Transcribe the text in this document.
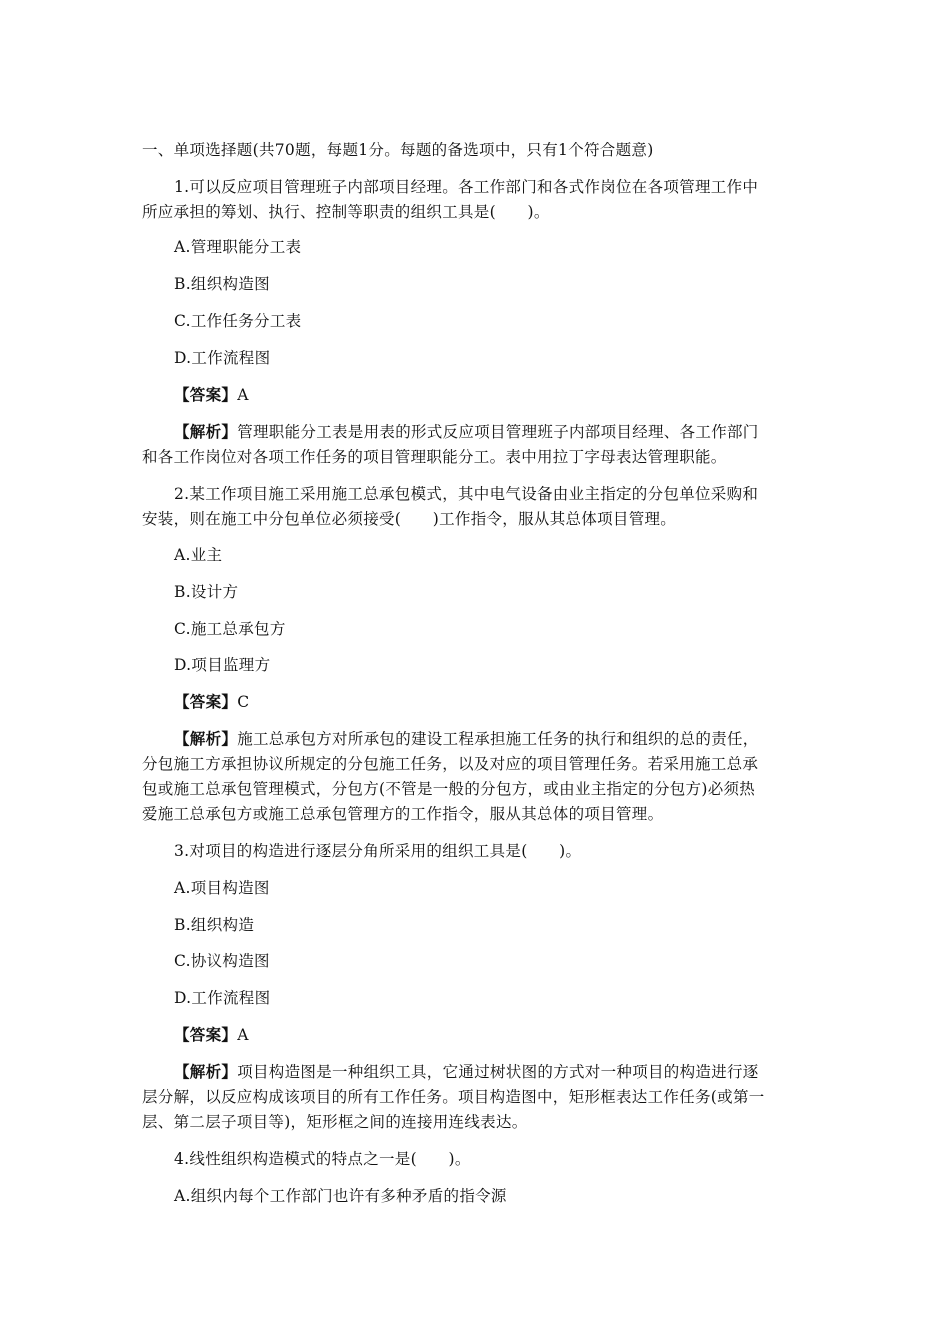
一、单项选择题(共70题，每题1分。每题的备选项中，只有1个符合题意)
1.可以反应项目管理班子内部项目经理。各工作部门和各式作岗位在各项管理工作中
所应承担的筹划、执行、控制等职责的组织工具是(　　)。
A.管理职能分工表
B.组织构造图
C.工作任务分工表
D.工作流程图
【答案】A
【解析】管理职能分工表是用表的形式反应项目管理班子内部项目经理、各工作部门
和各工作岗位对各项工作任务的项目管理职能分工。表中用拉丁字母表达管理职能。
2.某工作项目施工采用施工总承包模式，其中电气设备由业主指定的分包单位采购和
安装，则在施工中分包单位必须接受(　　)工作指令，服从其总体项目管理。
A.业主
B.设计方
C.施工总承包方
D.项目监理方
【答案】C
【解析】施工总承包方对所承包的建设工程承担施工任务的执行和组织的总的责任，
分包施工方承担协议所规定的分包施工任务，以及对应的项目管理任务。若采用施工总承
包或施工总承包管理模式，分包方(不管是一般的分包方，或由业主指定的分包方)必须热
爱施工总承包方或施工总承包管理方的工作指令，服从其总体的项目管理。
3.对项目的构造进行逐层分角所采用的组织工具是(　　)。
A.项目构造图
B.组织构造
C.协议构造图
D.工作流程图
【答案】A
【解析】项目构造图是一种组织工具，它通过树状图的方式对一种项目的构造进行逐
层分解，以反应构成该项目的所有工作任务。项目构造图中，矩形框表达工作任务(或第一
层、第二层子项目等)，矩形框之间的连接用连线表达。
4.线性组织构造模式的特点之一是(　　)。
A.组织内每个工作部门也许有多种矛盾的指令源
